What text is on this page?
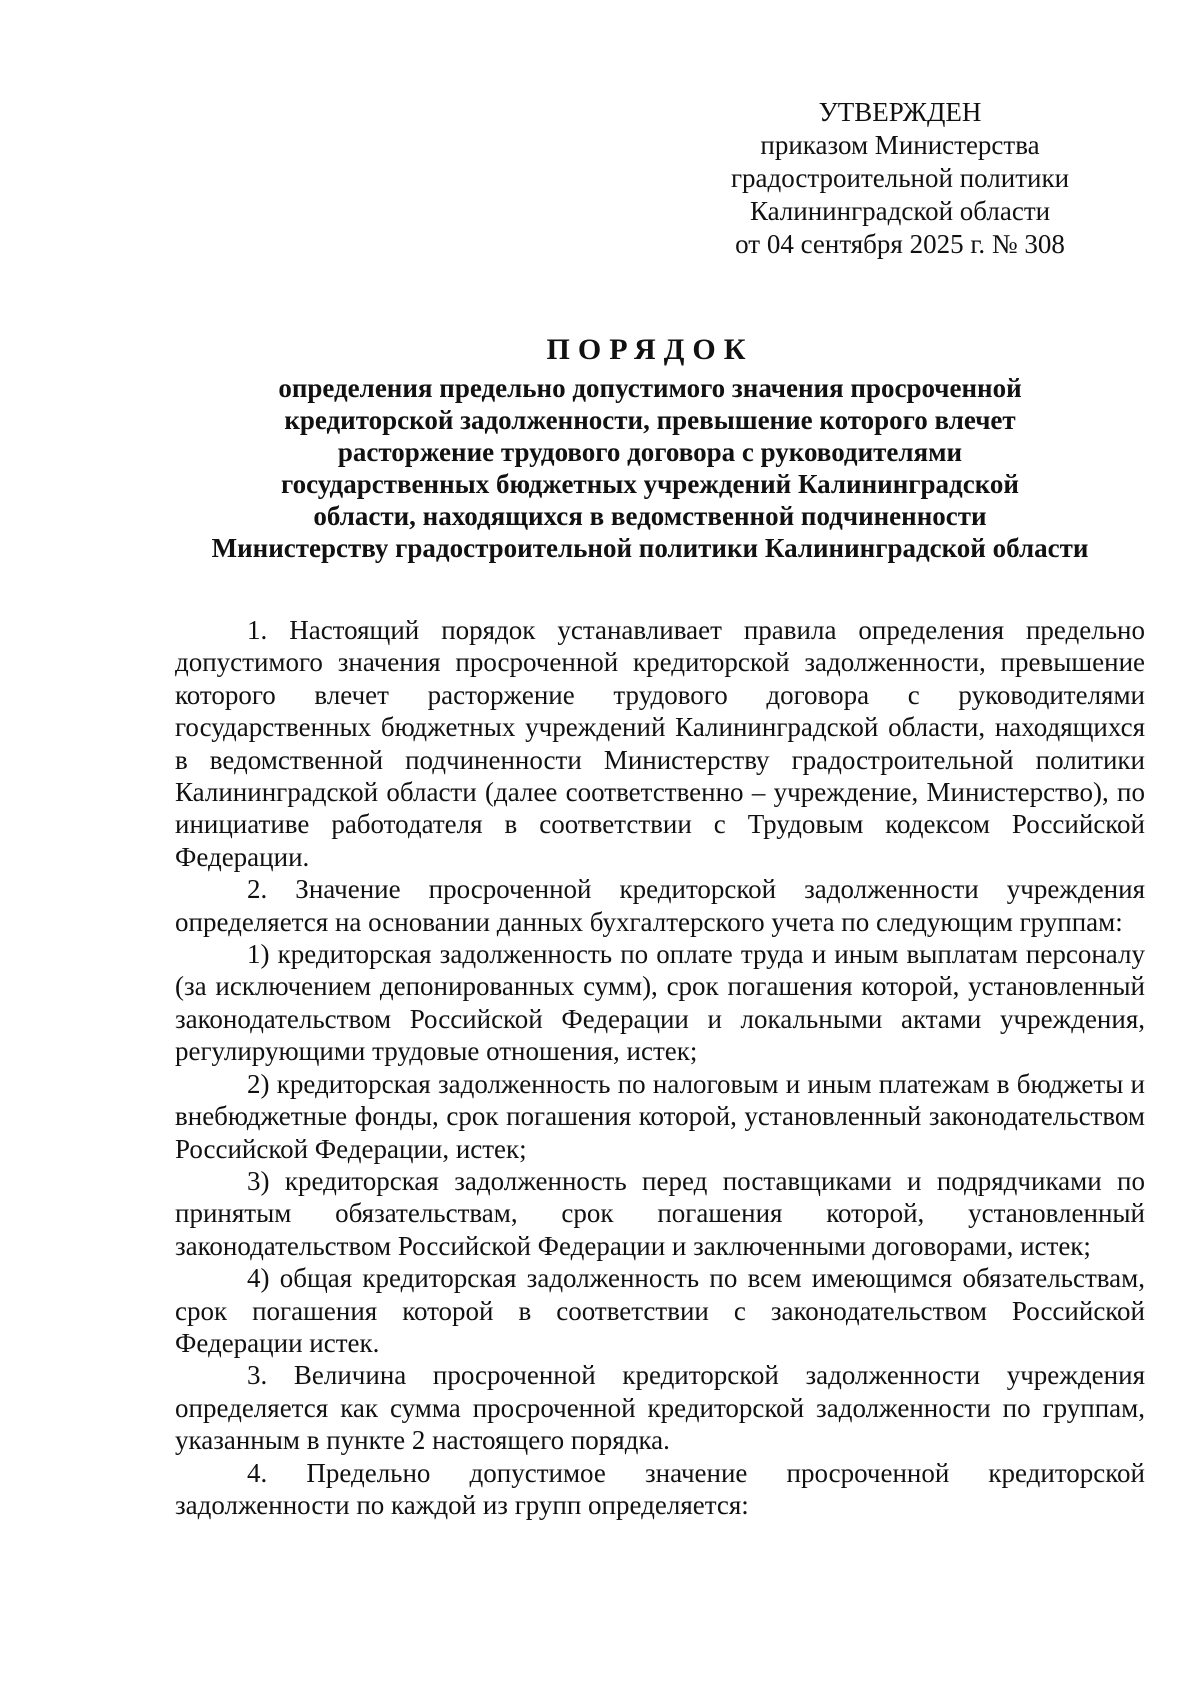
УТВЕРЖДЕН
приказом Министерства
градостроительной политики
Калининградской области
от 04 сентября 2025 г. № 308
ПОРЯДОК
определения предельно допустимого значения просроченной
кредиторской задолженности, превышение которого влечет
расторжение трудового договора с руководителями
государственных бюджетных учреждений Калининградской
области, находящихся в ведомственной подчиненности
Министерству градостроительной политики Калининградской области

1. Настоящий порядок устанавливает правила определения предельно допустимого значения просроченной кредиторской задолженности, превышение которого влечет расторжение трудового договора с руководителями государственных бюджетных учреждений Калининградской области, находящихся в ведомственной подчиненности Министерству градостроительной политики Калининградской области (далее соответственно – учреждение, Министерство), по инициативе работодателя в соответствии с Трудовым кодексом Российской Федерации.

2. Значение просроченной кредиторской задолженности учреждения определяется на основании данных бухгалтерского учета по следующим группам:

1) кредиторская задолженность по оплате труда и иным выплатам персоналу (за исключением депонированных сумм), срок погашения которой, установленный законодательством Российской Федерации и локальными актами учреждения, регулирующими трудовые отношения, истек;

2) кредиторская задолженность по налоговым и иным платежам в бюджеты и внебюджетные фонды, срок погашения которой, установленный законодательством Российской Федерации, истек;

3) кредиторская задолженность перед поставщиками и подрядчиками по принятым обязательствам, срок погашения которой, установленный законодательством Российской Федерации и заключенными договорами, истек;

4) общая кредиторская задолженность по всем имеющимся обязательствам, срок погашения которой в соответствии с законодательством Российской Федерации истек.

3. Величина просроченной кредиторской задолженности учреждения определяется как сумма просроченной кредиторской задолженности по группам, указанным в пункте 2 настоящего порядка.

4. Предельно допустимое значение просроченной кредиторской задолженности по каждой из групп определяется:
